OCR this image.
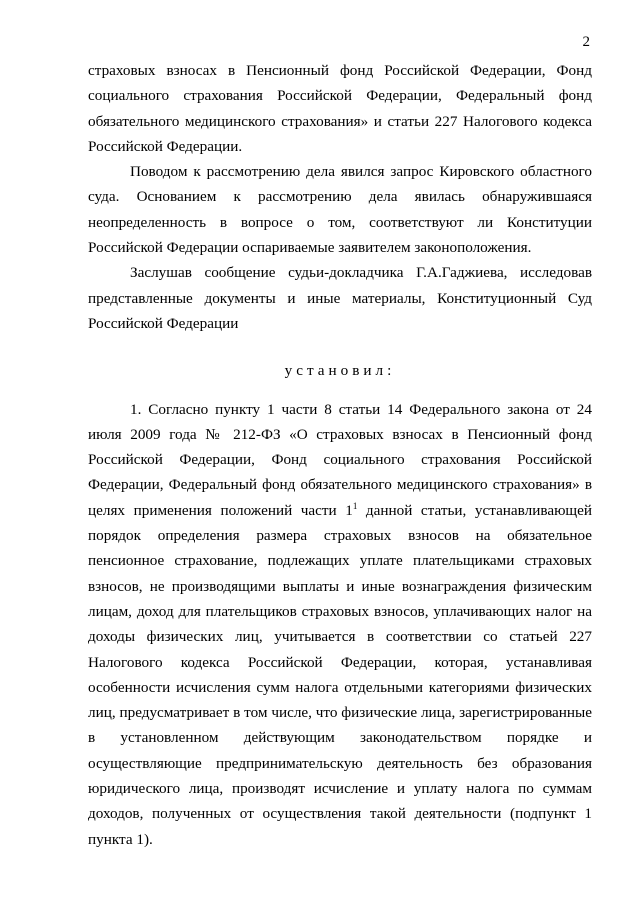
2

страховых взносах в Пенсионный фонд Российской Федерации, Фонд социального страхования Российской Федерации, Федеральный фонд обязательного медицинского страхования» и статьи 227 Налогового кодекса Российской Федерации.

Поводом к рассмотрению дела явился запрос Кировского областного суда. Основанием к рассмотрению дела явилась обнаружившаяся неопределенность в вопросе о том, соответствуют ли Конституции Российской Федерации оспариваемые заявителем законоположения.

Заслушав сообщение судьи-докладчика Г.А.Гаджиева, исследовав представленные документы и иные материалы, Конституционный Суд Российской Федерации

установил:

1. Согласно пункту 1 части 8 статьи 14 Федерального закона от 24 июля 2009 года № 212-ФЗ «О страховых взносах в Пенсионный фонд Российской Федерации, Фонд социального страхования Российской Федерации, Федеральный фонд обязательного медицинского страхования» в целях применения положений части $1^1$ данной статьи, устанавливающей порядок определения размера страховых взносов на обязательное пенсионное страхование, подлежащих уплате плательщиками страховых взносов, не производящими выплаты и иные вознаграждения физическим лицам, доход для плательщиков страховых взносов, уплачивающих налог на доходы физических лиц, учитывается в соответствии со статьей 227 Налогового кодекса Российской Федерации, которая, устанавливая особенности исчисления сумм налога отдельными категориями физических лиц, предусматривает в том числе, что физические лица, зарегистрированные в установленном действующим законодательством порядке и осуществляющие предпринимательскую деятельность без образования юридического лица, производят исчисление и уплату налога по суммам доходов, полученных от осуществления такой деятельности (подпункт 1 пункта 1).
